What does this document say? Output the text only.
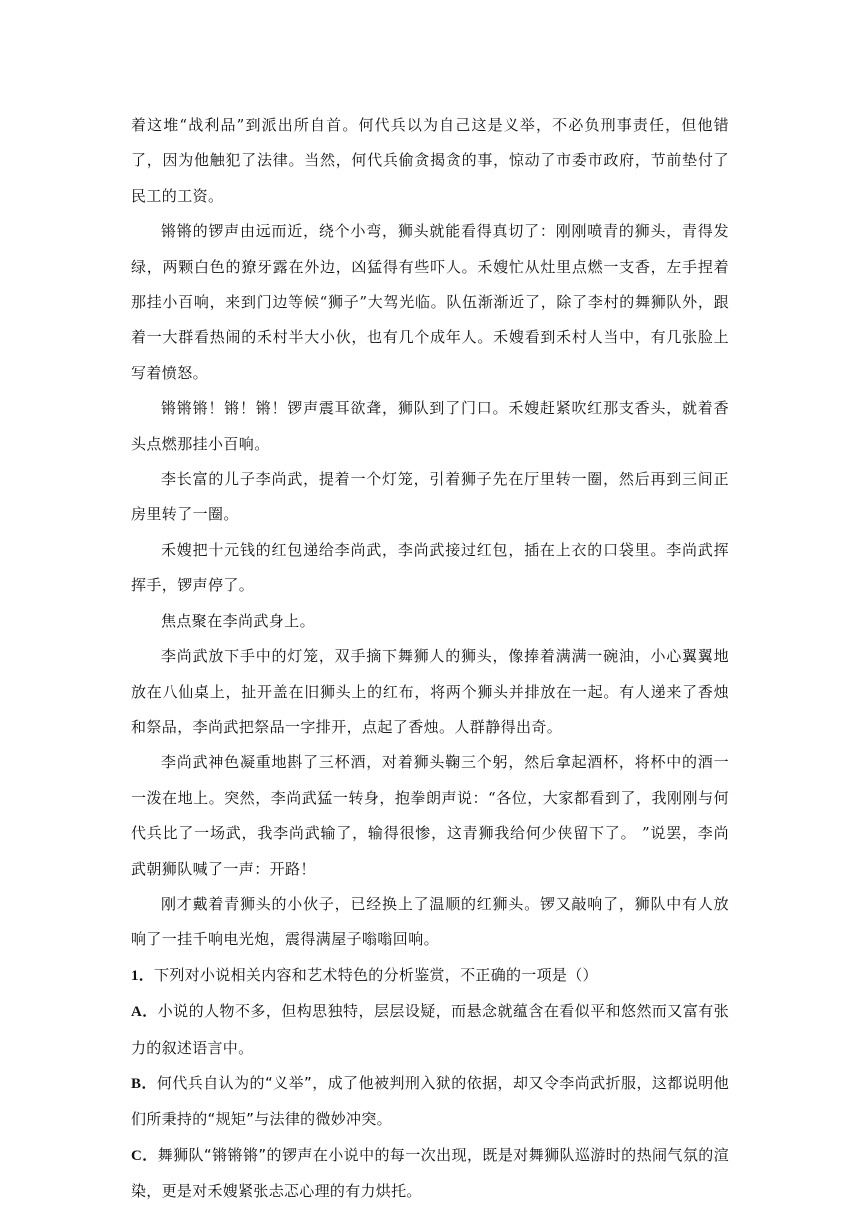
着这堆“战利品”到派出所自首。何代兵以为自己这是义举，不必负刑事责任，但他错了，因为他触犯了法律。当然，何代兵偷贪揭贪的事，惊动了市委市政府，节前垫付了民工的工资。

锵锵的锣声由远而近，绕个小弯，狮头就能看得真切了：刚刚喷青的狮头，青得发绿，两颗白色的獠牙露在外边，凶猛得有些吓人。禾嫂忙从灶里点燃一支香，左手捏着那挂小百响，来到门边等候“狮子”大驾光临。队伍渐渐近了，除了李村的舞狮队外，跟着一大群看热闹的禾村半大小伙，也有几个成年人。禾嫂看到禾村人当中，有几张脸上写着愤怒。

锵锵锵！锵！锵！锣声震耳欲聋，狮队到了门口。禾嫂赶紧吹红那支香头，就着香头点燃那挂小百响。

李长富的儿子李尚武，提着一个灯笼，引着狮子先在厅里转一圈，然后再到三间正房里转了一圈。

禾嫂把十元钱的红包递给李尚武，李尚武接过红包，插在上衣的口袋里。李尚武挥挥手，锣声停了。

焦点聚在李尚武身上。

李尚武放下手中的灯笼，双手摘下舞狮人的狮头，像捧着满满一碗油，小心翼翼地放在八仙桌上，扯开盖在旧狮头上的红布，将两个狮头并排放在一起。有人递来了香烛和祭品，李尚武把祭品一字排开，点起了香烛。人群静得出奇。

李尚武神色凝重地斟了三杯酒，对着狮头鞠三个躬，然后拿起酒杯，将杯中的酒一一泼在地上。突然，李尚武猛一转身，抱拳朗声说：“各位，大家都看到了，我刚刚与何代兵比了一场武，我李尚武输了，输得很惨，这青狮我给何少侠留下了。 ”说罢，李尚武朝狮队喊了一声：开路！

刚才戴着青狮头的小伙子，已经换上了温顺的红狮头。锣又敲响了，狮队中有人放响了一挂千响电光炮，震得满屋子嗡嗡回响。

1．下列对小说相关内容和艺术特色的分析鉴赏，不正确的一项是（）

A．小说的人物不多，但构思独特，层层设疑，而悬念就蕴含在看似平和悠然而又富有张力的叙述语言中。

B．何代兵自认为的“义举”，成了他被判刑入狱的依据，却又令李尚武折服，这都说明他们所秉持的“规矩”与法律的微妙冲突。

C．舞狮队“锵锵锵”的锣声在小说中的每一次出现，既是对舞狮队巡游时的热闹气氛的渲染，更是对禾嫂紧张忐忑心理的有力烘托。
